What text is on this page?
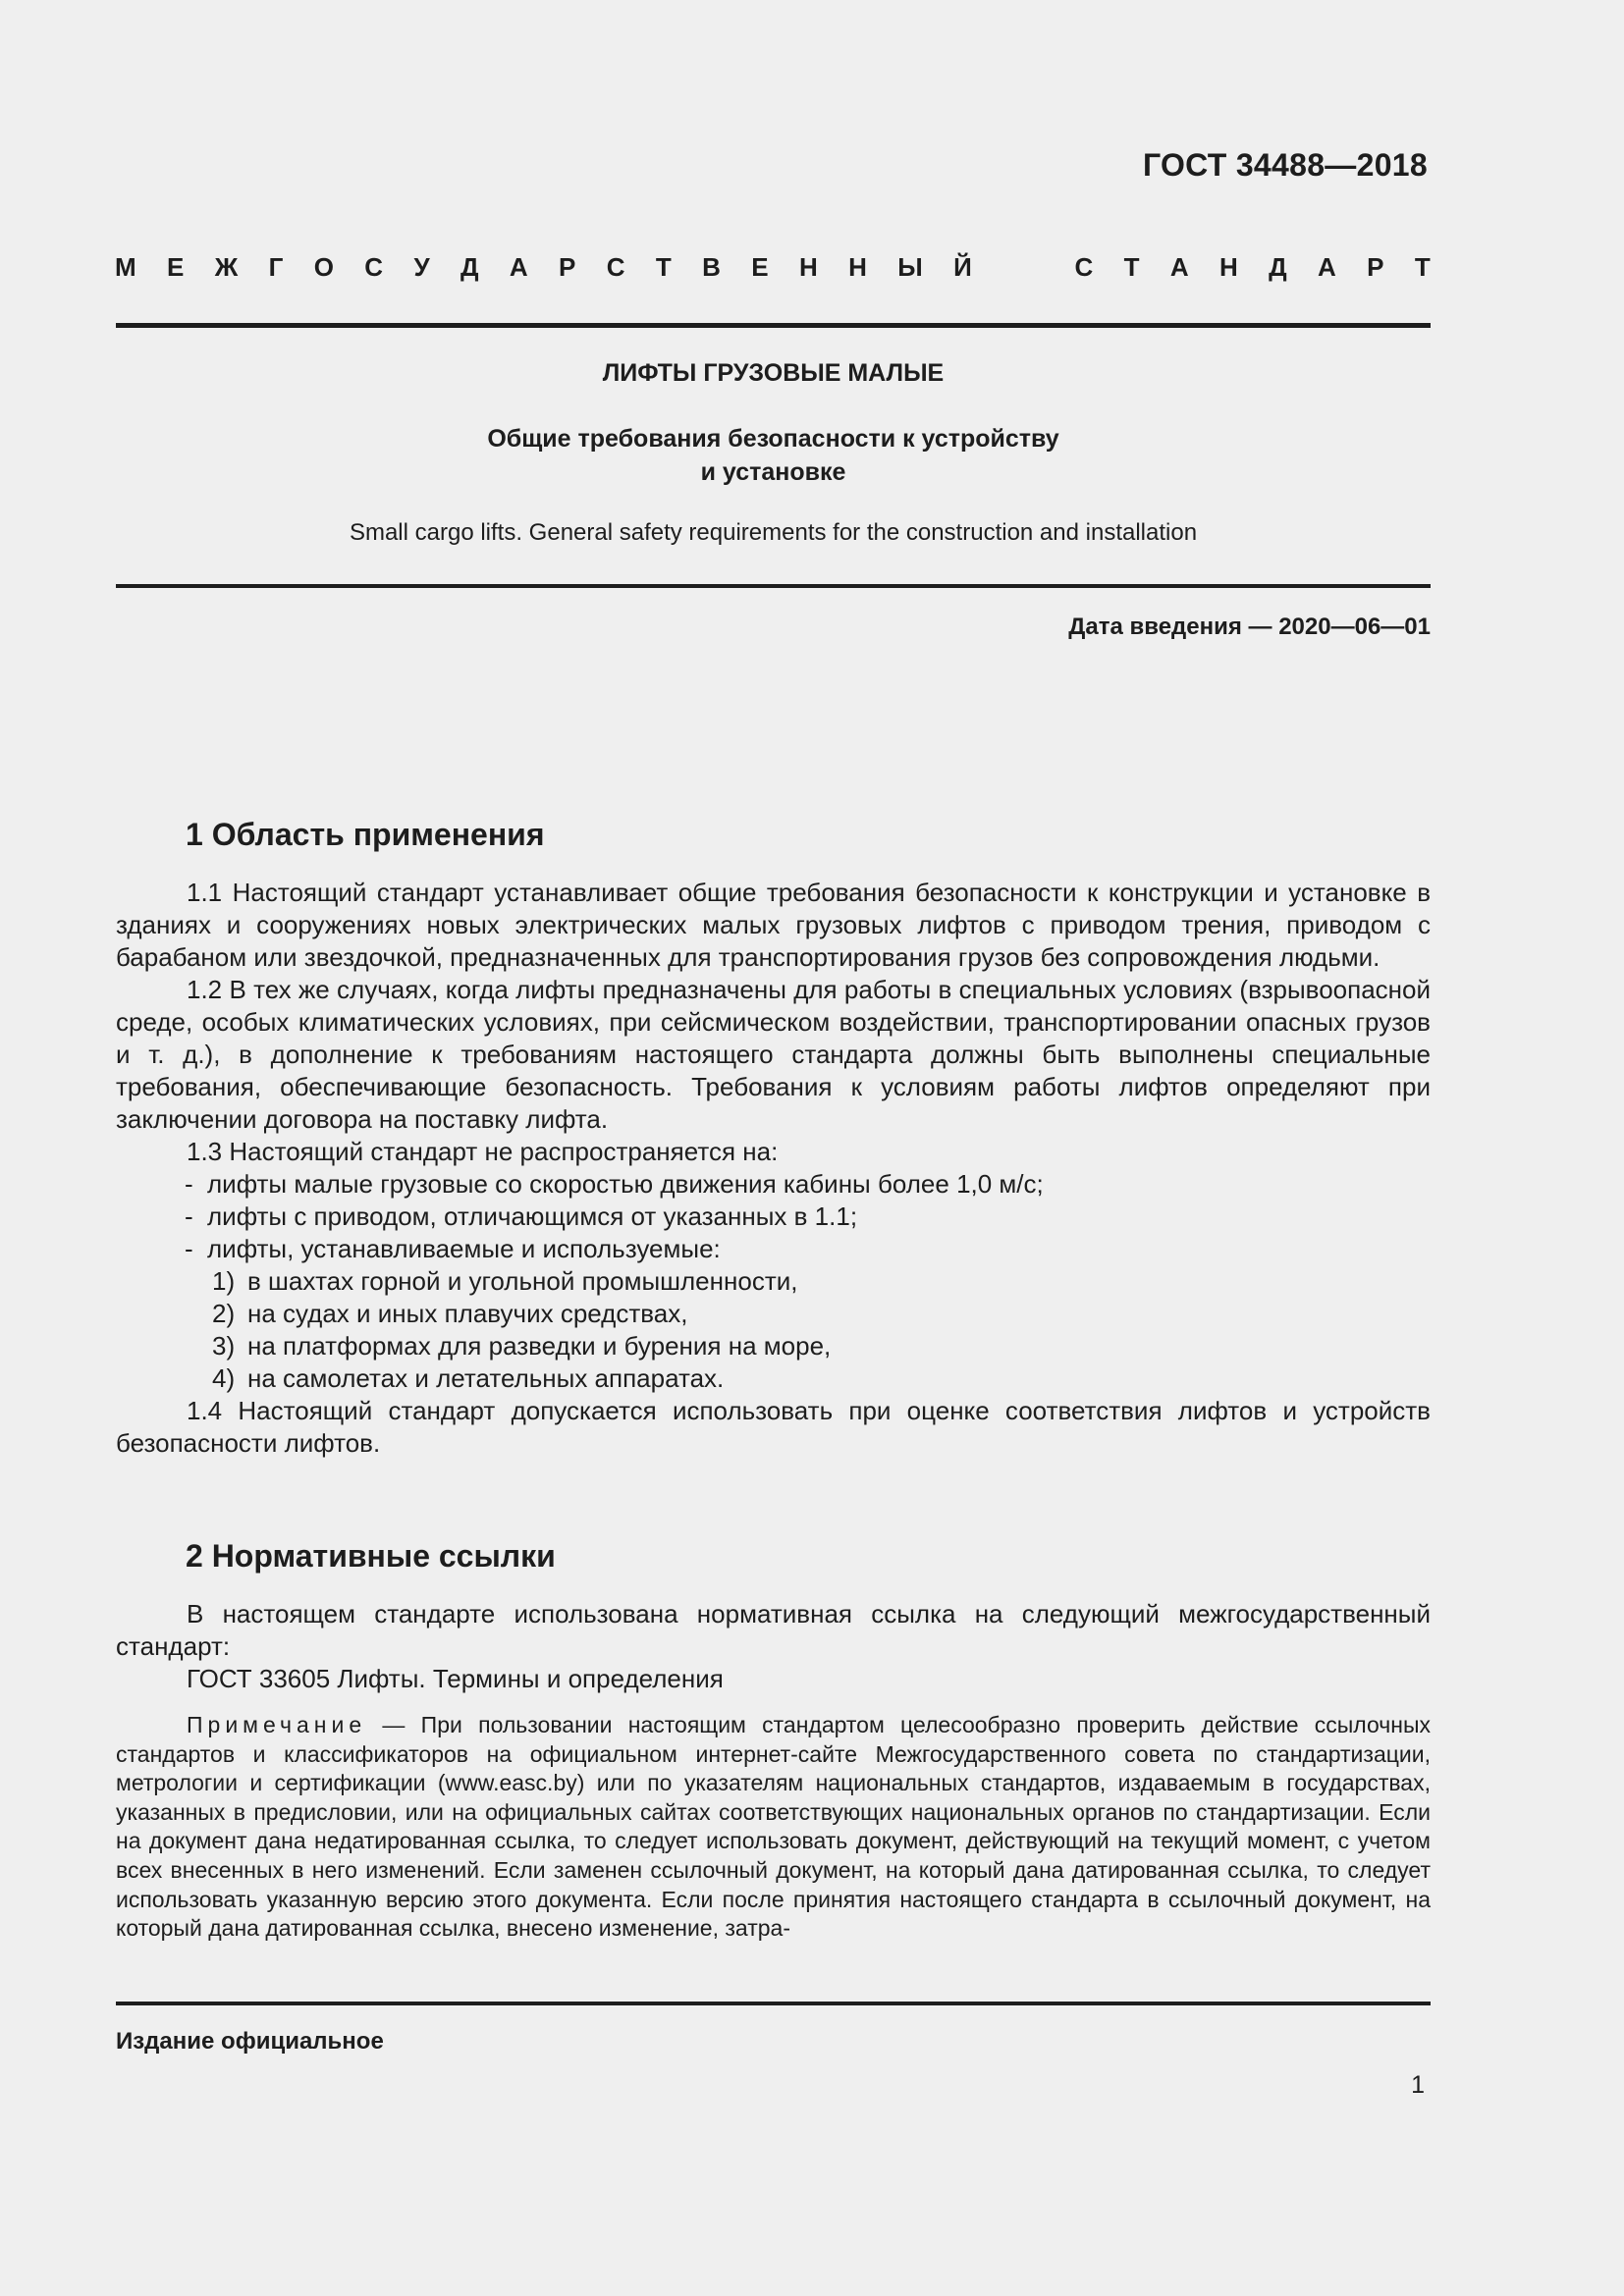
ГОСТ 34488—2018
М Е Ж Г О С У Д А Р С Т В Е Н Н Ы Й	С Т А Н Д А Р Т
ЛИФТЫ ГРУЗОВЫЕ МАЛЫЕ
Общие требования безопасности к устройству
и установке
Small cargo lifts. General safety requirements for the construction and installation
Дата введения — 2020—06—01
1 Область применения

1.1 Настоящий стандарт устанавливает общие требования безопасности к конструкции и установке в зданиях и сооружениях новых электрических малых грузовых лифтов с приводом трения, приводом с барабаном или звездочкой, предназначенных для транспортирования грузов без сопровождения людьми.

1.2 В тех же случаях, когда лифты предназначены для работы в специальных условиях (взрывоопасной среде, особых климатических условиях, при сейсмическом воздействии, транспортировании опасных грузов и т. д.), в дополнение к требованиям настоящего стандарта должны быть выполнены специальные требования, обеспечивающие безопасность. Требования к условиям работы лифтов определяют при заключении договора на поставку лифта.

1.3 Настоящий стандарт не распространяется на:

- лифты малые грузовые со скоростью движения кабины более 1,0 м/с;
- лифты с приводом, отличающимся от указанных в 1.1;
- лифты, устанавливаемые и используемые:
1) в шахтах горной и угольной промышленности,
2) на судах и иных плавучих средствах,
3) на платформах для разведки и бурения на море,
4) на самолетах и летательных аппаратах.

1.4 Настоящий стандарт допускается использовать при оценке соответствия лифтов и устройств безопасности лифтов.

2 Нормативные ссылки

В настоящем стандарте использована нормативная ссылка на следующий межгосударственный стандарт:

ГОСТ 33605 Лифты. Термины и определения

Примечание — При пользовании настоящим стандартом целесообразно проверить действие ссылочных стандартов и классификаторов на официальном интернет-сайте Межгосударственного совета по стандартизации, метрологии и сертификации (www.easc.by) или по указателям национальных стандартов, издаваемым в государствах, указанных в предисловии, или на официальных сайтах соответствующих национальных органов по стандартизации. Если на документ дана недатированная ссылка, то следует использовать документ, действующий на текущий момент, с учетом всех внесенных в него изменений. Если заменен ссылочный документ, на который дана датированная ссылка, то следует использовать указанную версию этого документа. Если после принятия настоящего стандарта в ссылочный документ, на который дана датированная ссылка, внесено изменение, затра-

Издание официальное
1
